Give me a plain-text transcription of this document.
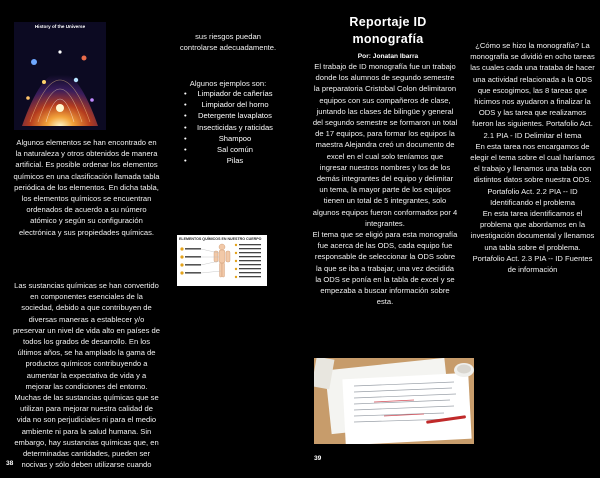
History of the Universe
Algunos elementos se han encontrado en la naturaleza y otros obtenidos de manera artificial. Es posible ordenar los elementos químicos en una clasificación llamada tabla periódica de los elementos. En dicha tabla, los elementos químicos se encuentran ordenados de acuerdo a su número atómico y según su configuración electrónica y sus propiedades químicas.
Las sustancias químicas se han convertido en componentes esenciales de la sociedad, debido a que contribuyen de diversas maneras a establecer y/o preservar un nivel de vida alto en países de todos los grados de desarrollo. En los últimos años, se ha ampliado la gama de productos químicos contribuyendo a aumentar la expectativa de vida y a mejorar las condiciones del entorno. Muchas de las sustancias químicas que se utilizan para mejorar nuestra calidad de vida no son perjudiciales ni para el medio ambiente ni para la salud humana. Sin embargo, hay sustancias químicas que, en determinadas cantidades, pueden ser nocivas y sólo deben utilizarse cuando
sus riesgos puedan controlarse adecuadamente.
Algunos ejemplos son:
• Limpiador de cañerías
• Limpiador del horno
• Detergente lavaplatos
• Insecticidas y raticidas
• Shampoo
• Sal común
• Pilas
ELEMENTOS QUÍMICOS EN NUESTRO CUERPO
38
Reportaje ID monografía
Por: Jonatan Ibarra
El trabajo de ID monografía fue un trabajo donde los alumnos de segundo semestre la preparatoria Cristobal Colon delimitaron equipos con sus compañeros de clase, juntando las clases de bilingüe y general del segundo semestre se formaron un total de 17 equipos, para formar los equipos la maestra Alejandra creó un documento de excel en el cual solo teníamos que ingresar nuestros nombres y los de los demás integrantes del equipo y delimitar un tema, la mayor parte de los equipos tienen un total de 5 integrantes, solo algunos equipos fueron conformados por 4 integrantes.
El tema que se eligió para esta monografía fue acerca de las ODS, cada equipo fue responsable de seleccionar la ODS sobre la que se iba a trabajar, una vez decidida la ODS se ponía en la tabla de excel y se empezaba a buscar información sobre esta.
¿Cómo se hizo la monografía? La monografía se dividió en ocho tareas las cuales cada una trataba de hacer una actividad relacionada a la ODS que escogimos, las 8 tareas que hicimos nos ayudaron a finalizar la ODS y las tarea que realizamos fueron las siguientes. Portafolio Act. 2.1 PIA - ID Delimitar el tema
En esta tarea nos encargamos de elegir el tema sobre el cual haríamos el trabajo y llenamos una tabla con distintos datos sobre nuestra ODS.
Portafolio Act. 2.2 PIA -- ID Identificando el problema
En esta tarea identificamos el problema que abordamos en la investigación documental y llenamos una tabla sobre el problema.
Portafolio Act. 2.3 PIA -- ID Fuentes de información
39
